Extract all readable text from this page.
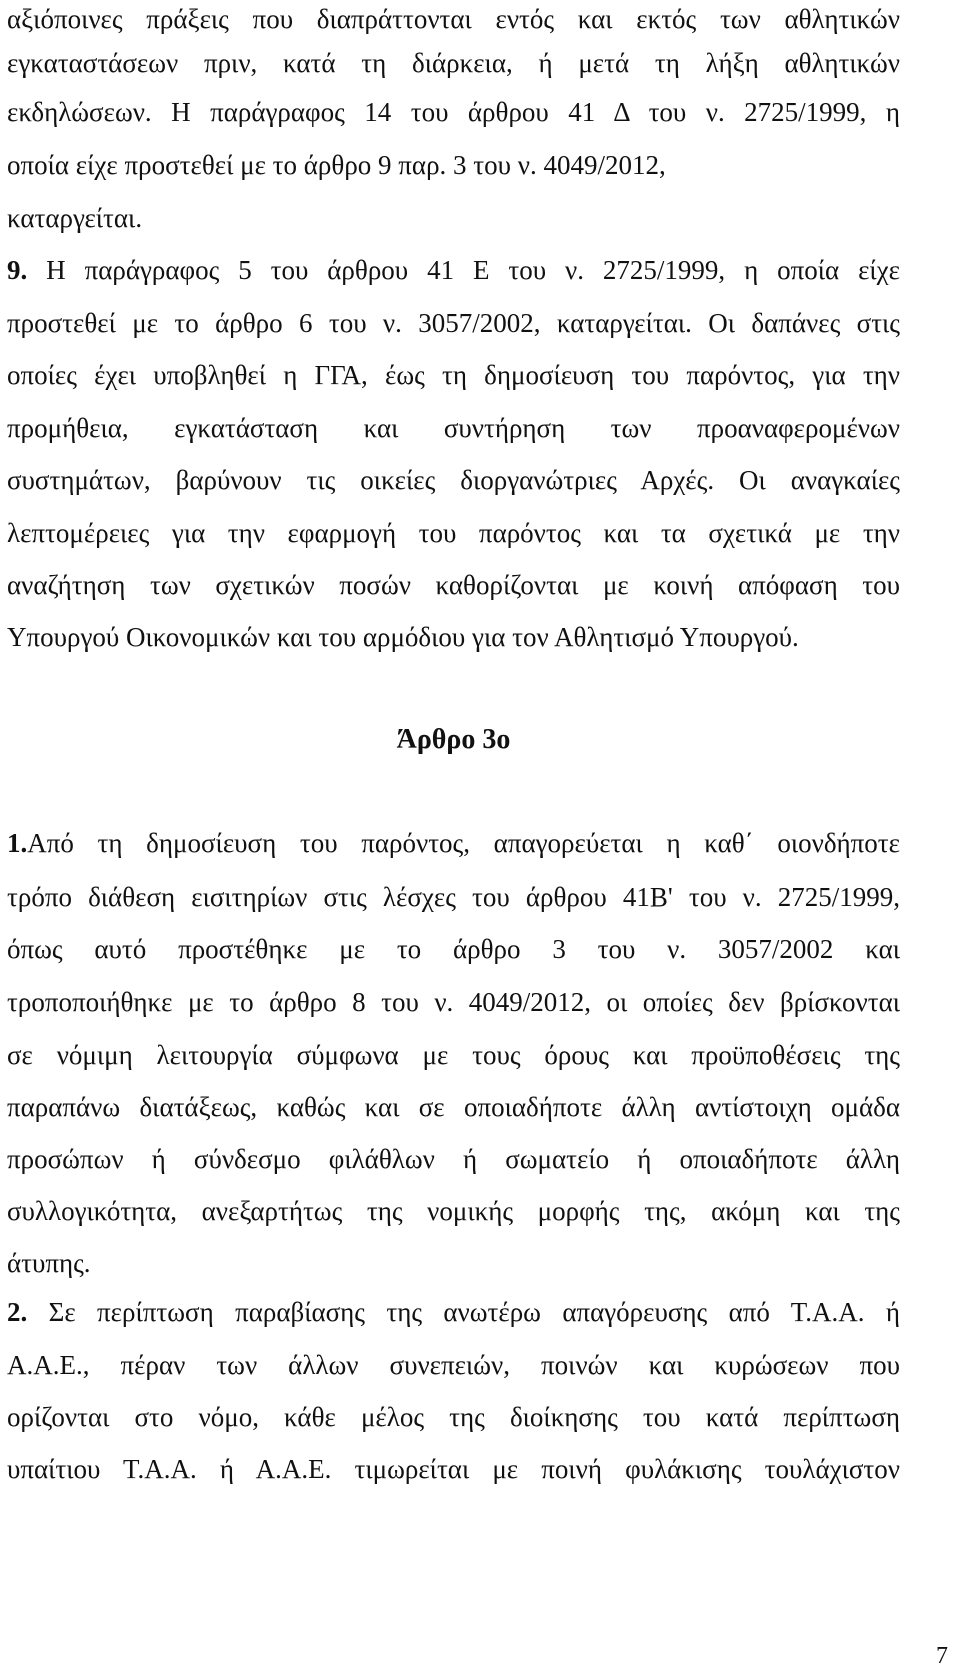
αξιόποινες πράξεις που διαπράττονται εντός και εκτός των αθλητικών
εγκαταστάσεων πριν, κατά τη διάρκεια, ή μετά τη λήξη αθλητικών
εκδηλώσεων. Η παράγραφος 14 του άρθρου 41 Δ του ν. 2725/1999, η
οποία είχε προστεθεί με το άρθρο 9 παρ. 3 του ν. 4049/2012,
καταργείται.
9. Η παράγραφος 5 του άρθρου 41 Ε του ν. 2725/1999, η οποία είχε
προστεθεί με το άρθρο 6 του ν. 3057/2002, καταργείται. Οι δαπάνες στις
οποίες έχει υποβληθεί η ΓΓΑ, έως τη δημοσίευση του παρόντος, για την
προμήθεια, εγκατάσταση και συντήρηση των προαναφερομένων
συστημάτων, βαρύνουν τις οικείες διοργανώτριες Αρχές. Οι αναγκαίες
λεπτομέρειες για την εφαρμογή του παρόντος και τα σχετικά με την
αναζήτηση των σχετικών ποσών καθορίζονται με κοινή απόφαση του
Υπουργού Οικονομικών και του αρμόδιου για τον Αθλητισμό Υπουργού.
Άρθρο 3ο
1.Από τη δημοσίευση του παρόντος, απαγορεύεται η καθ΄ οιονδήποτε
τρόπο διάθεση εισιτηρίων στις λέσχες του άρθρου 41Β' του ν. 2725/1999,
όπως αυτό προστέθηκε με το άρθρο 3 του ν. 3057/2002 και
τροποποιήθηκε με το άρθρο 8 του ν. 4049/2012, οι οποίες δεν βρίσκονται
σε νόμιμη λειτουργία σύμφωνα με τους όρους και προϋποθέσεις της
παραπάνω διατάξεως, καθώς και σε οποιαδήποτε άλλη αντίστοιχη ομάδα
προσώπων ή σύνδεσμο φιλάθλων ή σωματείο ή οποιαδήποτε άλλη
συλλογικότητα, ανεξαρτήτως της νομικής μορφής της, ακόμη και της
άτυπης.
2. Σε περίπτωση παραβίασης της ανωτέρω απαγόρευσης από Τ.Α.Α. ή
Α.Α.Ε., πέραν των άλλων συνεπειών, ποινών και κυρώσεων που
ορίζονται στο νόμο, κάθε μέλος της διοίκησης του κατά περίπτωση
υπαίτιου Τ.Α.Α. ή Α.Α.Ε. τιμωρείται με ποινή φυλάκισης τουλάχιστον
7
